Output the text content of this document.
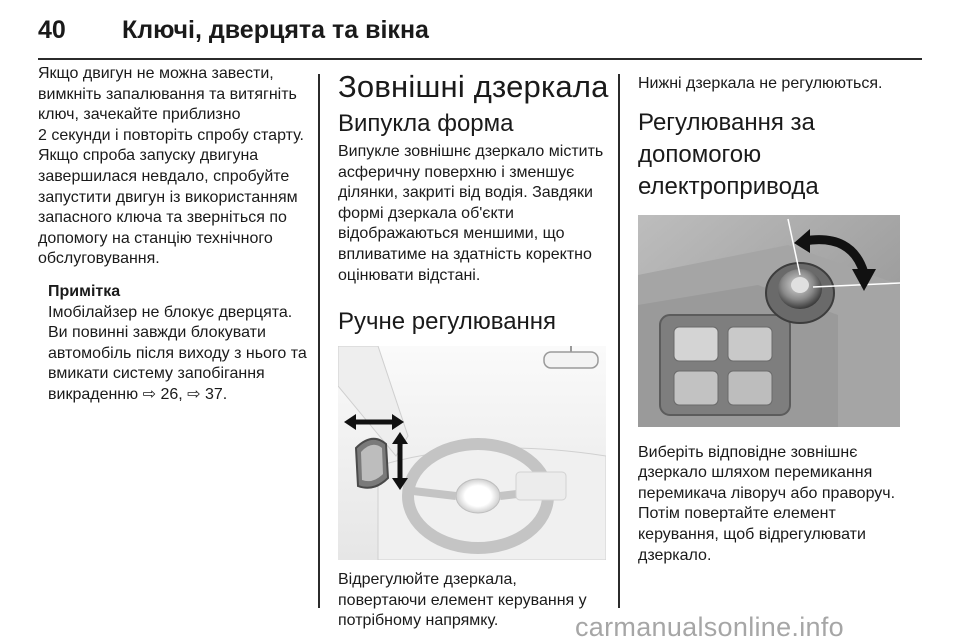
40 Ключі, дверцята та вікна

Якщо двигун не можна завести,
вимкніть запалювання та витягніть
ключ, зачекайте приблизно
2 секунди і повторіть спробу старту.
Якщо спроба запуску двигуна
завершилася невдало, спробуйте
запустити двигун із використанням
запасного ключа та зверніться по
допомогу на станцію технічного
обслуговування.

Примітка

Імобілайзер не блокує дверцята.
Ви повинні завжди блокувати
автомобіль після виходу з нього та
вмикати систему запобігання
викраденню ⇨ 26, ⇨ 37.

Зовнішні дзеркала
Випукла форма

Випукле зовнішнє дзеркало містить
асферичну поверхню і зменшує
ділянки, закриті від водія. Завдяки
формі дзеркала об'єкти
відображаються меншими, що
впливатиме на здатність коректно
оцінювати відстані.

Ручне регулювання

Відрегулюйте дзеркала,
повертаючи елемент керування у
потрібному напрямку.

Нижні дзеркала не регулюються.

Регулювання за
допомогою
електропривода

Виберіть відповідне зовнішнє
дзеркало шляхом перемикання
перемикача ліворуч або праворуч.
Потім повертайте елемент
керування, щоб відрегулювати
дзеркало.

carmanualsonline.info
